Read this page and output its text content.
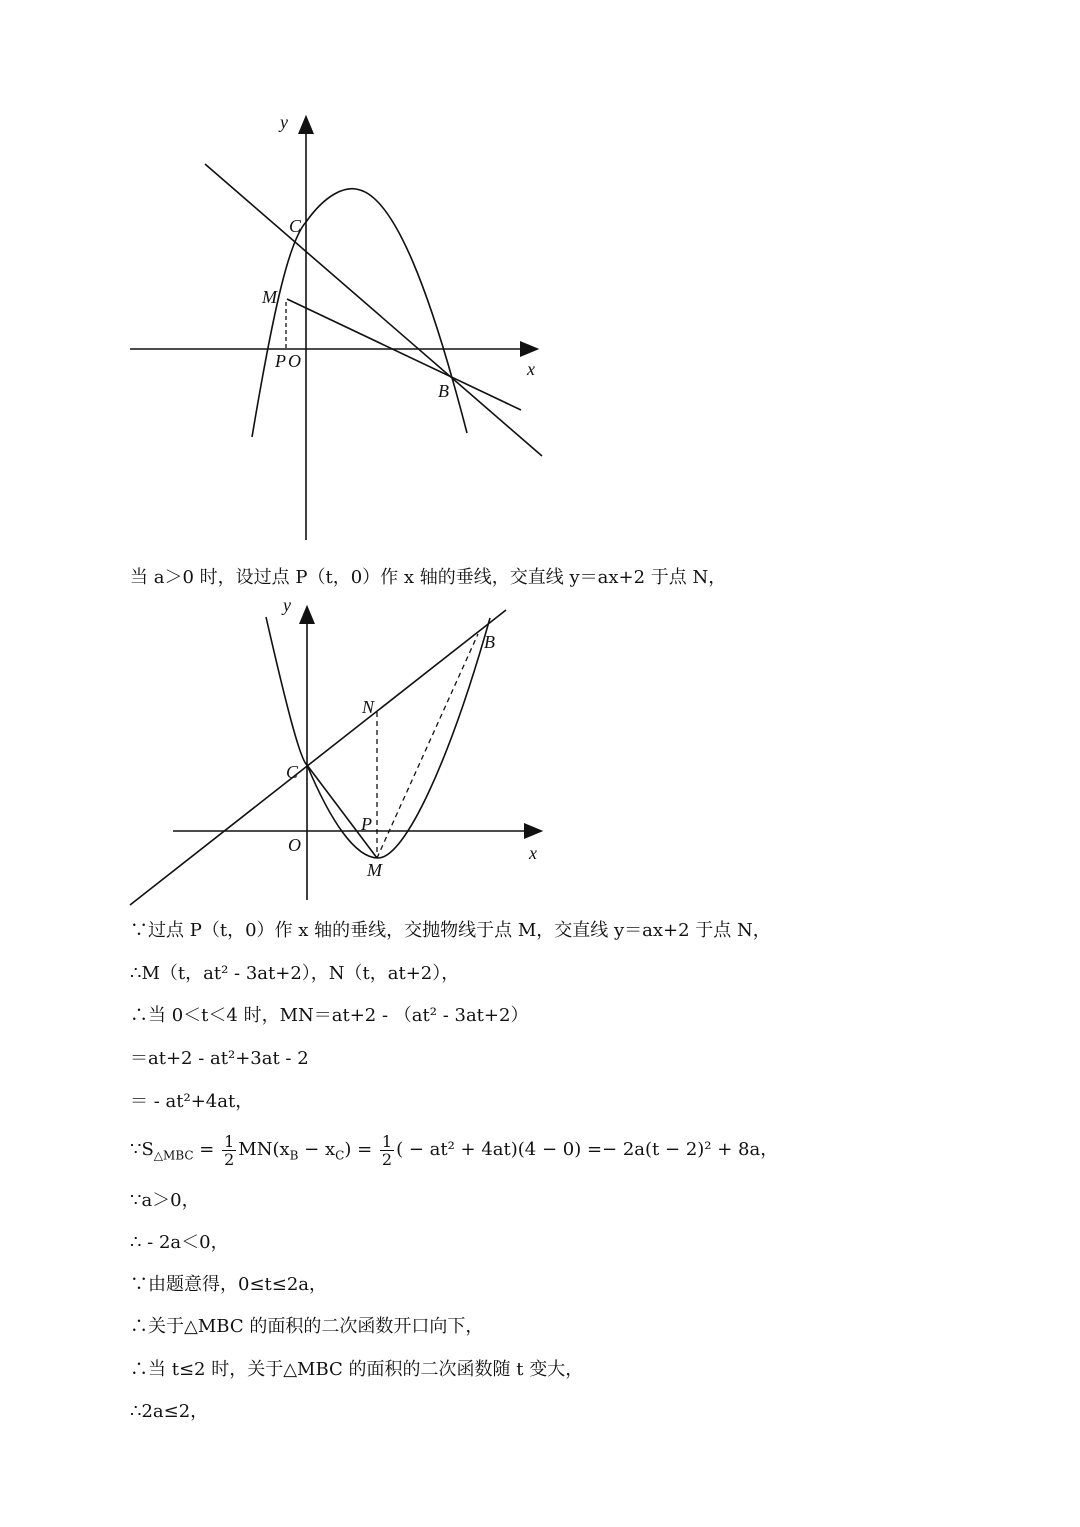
y
x
C
M
P O
B
当 a＞0 时，设过点 P（t，0）作 x 轴的垂线，交直线 y＝ax+2 于点 N，
y
x
B
N
C
P
O
M
∵过点 P（t，0）作 x 轴的垂线，交抛物线于点 M，交直线 y＝ax+2 于点 N，
∴M（t，at² - 3at+2），N（t，at+2），
∴当 0＜t＜4 时，MN＝at+2 - （at² - 3at+2）
＝at+2 - at²+3at - 2
＝ - at²+4at，
$\because S_{\triangle MBC} = \frac{1}{2} MN(x_B - x_C) = \frac{1}{2}$ ( − at² + 4at)(4 − 0) =− 2a(t − 2)² + 8a，
∵a＞0，
∴ - 2a＜0，
∵由题意得，0≤t≤2a，
∴关于△MBC 的面积的二次函数开口向下，
∴当 t≤2 时，关于△MBC 的面积的二次函数随 t 变大，
∴2a≤2，
